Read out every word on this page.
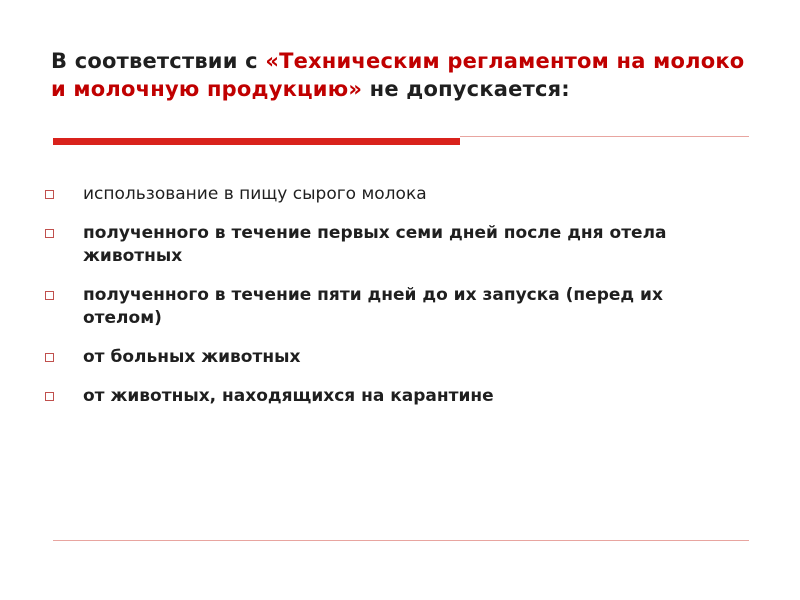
В соответствии с «Техническим регламентом на молоко и молочную продукцию» не допускается:
использование в пищу сырого молока
полученного в течение первых семи дней после дня отела животных
полученного в течение пяти дней до их запуска (перед их отелом)
от больных животных
от животных, находящихся на карантине
